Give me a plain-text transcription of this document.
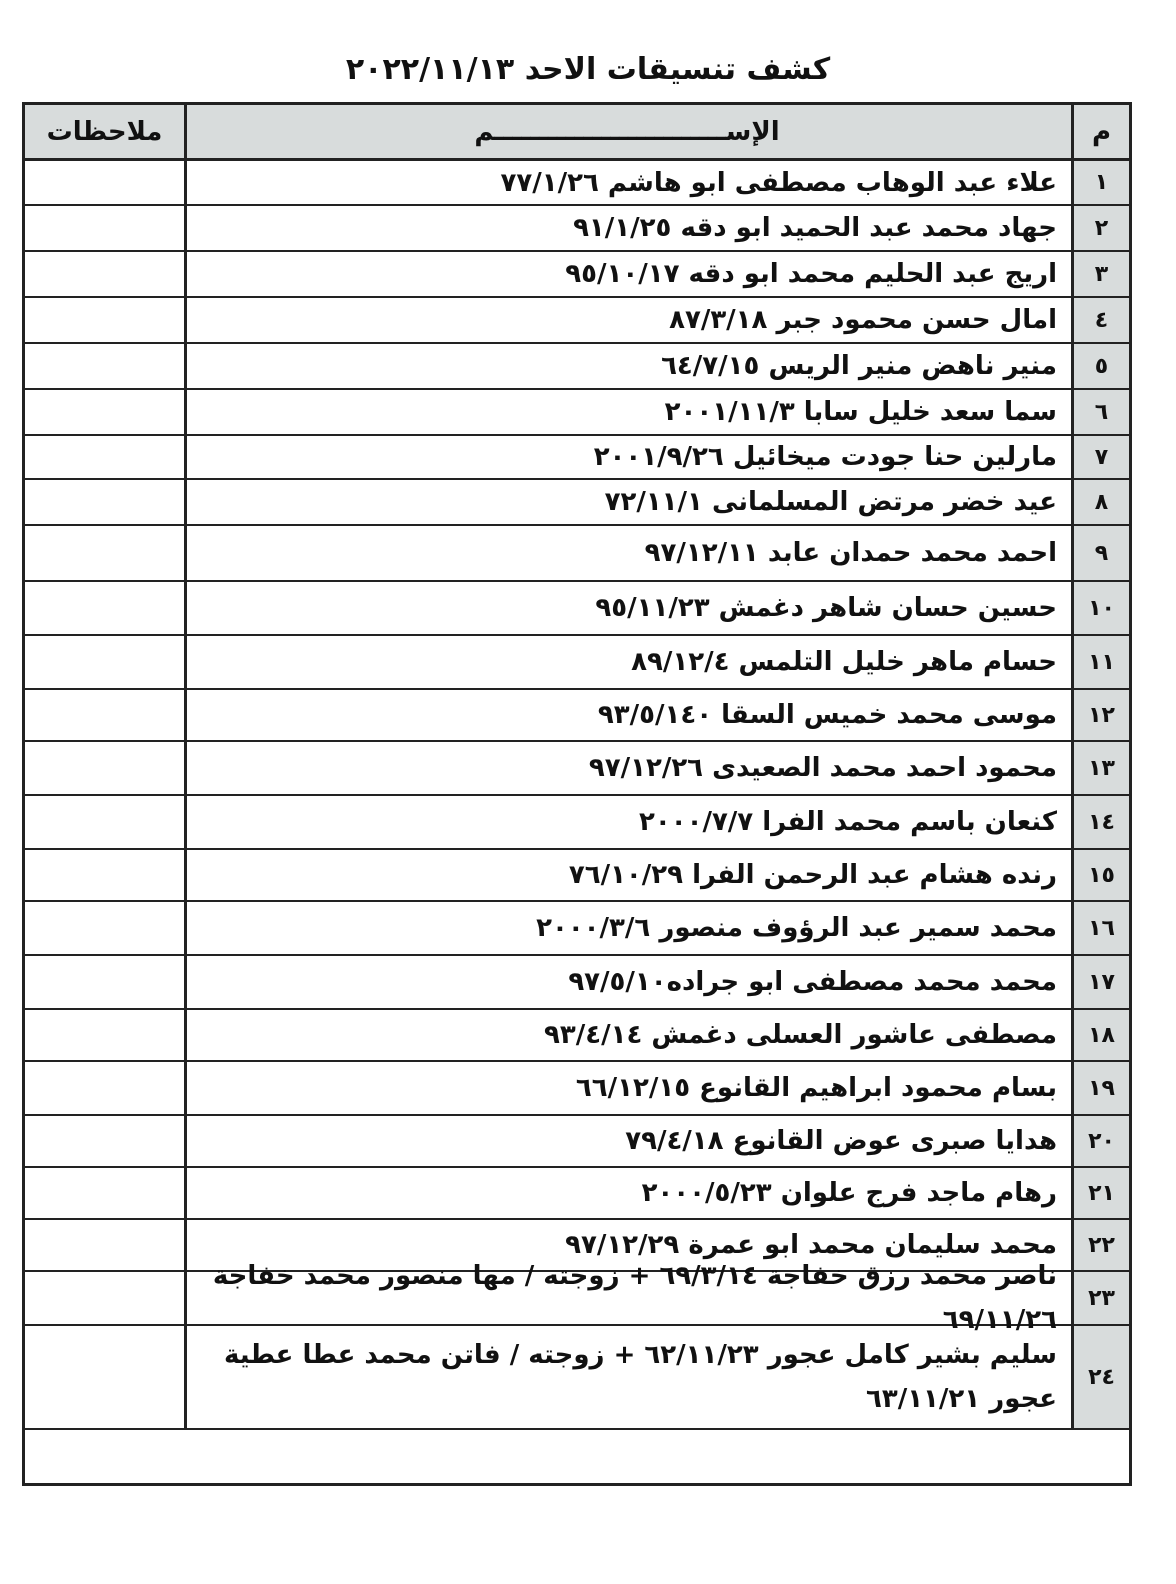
كشف تنسيقات الاحد ٢٠٢٢/١١/١٣
م
الإســــــــــــــــــــــــــم
ملاحظات
١
علاء عبد الوهاب مصطفى ابو هاشم ٧٧/١/٢٦
٢
جهاد محمد عبد الحميد ابو دقه ٩١/١/٢٥
٣
اريج عبد الحليم محمد ابو دقه ٩٥/١٠/١٧
٤
امال حسن محمود جبر ٨٧/٣/١٨
٥
منير ناهض منير الريس ٦٤/٧/١٥
٦
سما سعد خليل سابا ٢٠٠١/١١/٣
٧
مارلين حنا جودت ميخائيل ٢٠٠١/٩/٢٦
٨
عيد خضر مرتض المسلمانى ٧٢/١١/١
٩
احمد محمد حمدان عابد ٩٧/١٢/١١
١٠
حسين حسان شاهر دغمش ٩٥/١١/٢٣
١١
حسام ماهر خليل التلمس ٨٩/١٢/٤
١٢
موسى محمد خميس السقا ٩٣/٥/١٤٠
١٣
محمود احمد محمد الصعيدى ٩٧/١٢/٢٦
١٤
كنعان باسم محمد الفرا ٢٠٠٠/٧/٧
١٥
رنده هشام عبد الرحمن الفرا ٧٦/١٠/٢٩
١٦
محمد سمير عبد الرؤوف منصور ٢٠٠٠/٣/٦
١٧
محمد محمد مصطفى ابو جراده٩٧/٥/١٠
١٨
مصطفى عاشور العسلى دغمش ٩٣/٤/١٤
١٩
بسام محمود ابراهيم القانوع ٦٦/١٢/١٥
٢٠
هدايا صبرى عوض القانوع ٧٩/٤/١٨
٢١
رهام ماجد فرج علوان ٢٠٠٠/٥/٢٣
٢٢
محمد سليمان محمد ابو عمرة ٩٧/١٢/٢٩
٢٣
ناصر محمد رزق خفاجة ٦٩/٣/١٤ + زوجته / مها منصور محمد خفاجة ٦٩/١١/٢٦
٢٤
سليم بشير كامل عجور ٦٢/١١/٢٣ + زوجته / فاتن محمد عطا عطية عجور ٦٣/١١/٢١
